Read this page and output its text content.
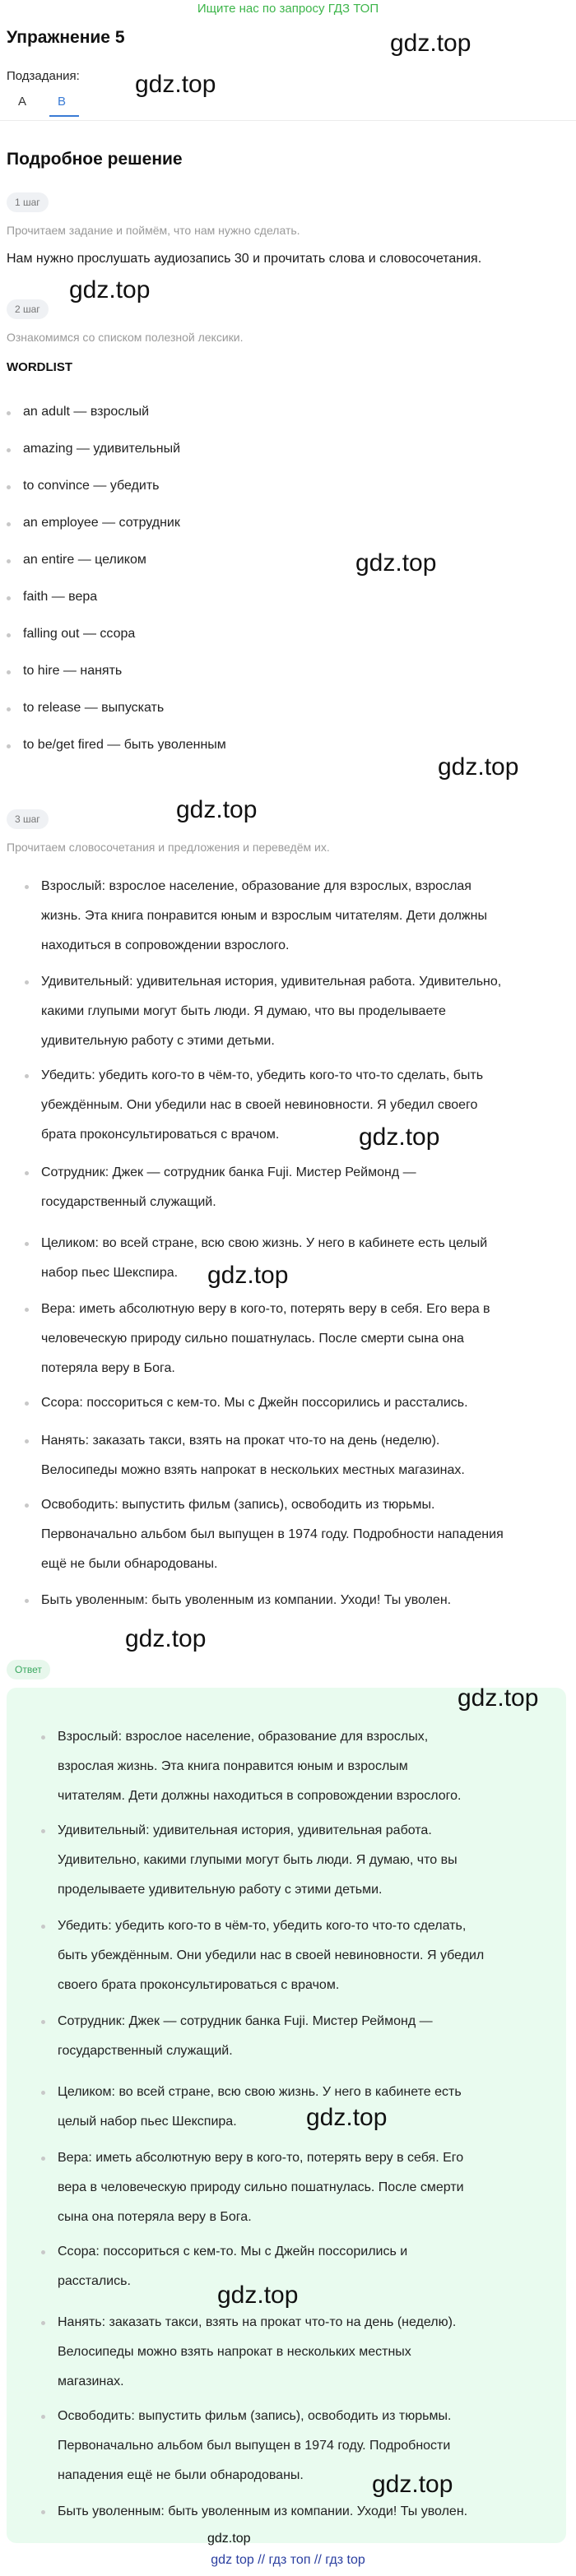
Ищите нас по запросу ГДЗ ТОП
Упражнение 5
Подзадания:
A	B
Подробное решение
1 шаг
Прочитаем задание и поймём, что нам нужно сделать.
Нам нужно прослушать аудиозапись 30 и прочитать слова и словосочетания.
2 шаг
Ознакомимся со списком полезной лексики.
WORDLIST
an adult — взрослый
amazing — удивительный
to convince — убедить
an employee — сотрудник
an entire — целиком
faith — вера
falling out — ссора
to hire — нанять
to release — выпускать
to be/get fired — быть уволенным
3 шаг
Прочитаем словосочетания и предложения и переведём их.
Взрослый: взрослое население, образование для взрослых, взрослая
жизнь. Эта книга понравится юным и взрослым читателям. Дети должны
находиться в сопровождении взрослого.
Удивительный: удивительная история, удивительная работа. Удивительно,
какими глупыми могут быть люди. Я думаю, что вы проделываете
удивительную работу с этими детьми.
Убедить: убедить кого-то в чём-то, убедить кого-то что-то сделать, быть
убеждённым. Они убедили нас в своей невиновности. Я убедил своего
брата проконсультироваться с врачом.
Сотрудник: Джек — сотрудник банка Fuji. Мистер Реймонд —
государственный служащий.
Целиком: во всей стране, всю свою жизнь. У него в кабинете есть целый
набор пьес Шекспира.
Вера: иметь абсолютную веру в кого-то, потерять веру в себя. Его вера в
человеческую природу сильно пошатнулась. После смерти сына она
потеряла веру в Бога.
Ссора: поссориться с кем-то. Мы с Джейн поссорились и расстались.
Нанять: заказать такси, взять на прокат что-то на день (неделю).
Велосипеды можно взять напрокат в нескольких местных магазинах.
Освободить: выпустить фильм (запись), освободить из тюрьмы.
Первоначально альбом был выпущен в 1974 году. Подробности нападения
ещё не были обнародованы.
Быть уволенным: быть уволенным из компании. Уходи! Ты уволен.
Ответ
Взрослый: взрослое население, образование для взрослых,
взрослая жизнь. Эта книга понравится юным и взрослым
читателям. Дети должны находиться в сопровождении взрослого.
Удивительный: удивительная история, удивительная работа.
Удивительно, какими глупыми могут быть люди. Я думаю, что вы
проделываете удивительную работу с этими детьми.
Убедить: убедить кого-то в чём-то, убедить кого-то что-то сделать,
быть убеждённым. Они убедили нас в своей невиновности. Я убедил
своего брата проконсультироваться с врачом.
Сотрудник: Джек — сотрудник банка Fuji. Мистер Реймонд —
государственный служащий.
Целиком: во всей стране, всю свою жизнь. У него в кабинете есть
целый набор пьес Шекспира.
Вера: иметь абсолютную веру в кого-то, потерять веру в себя. Его
вера в человеческую природу сильно пошатнулась. После смерти
сына она потеряла веру в Бога.
Ссора: поссориться с кем-то. Мы с Джейн поссорились и
расстались.
Нанять: заказать такси, взять на прокат что-то на день (неделю).
Велосипеды можно взять напрокат в нескольких местных
магазинах.
Освободить: выпустить фильм (запись), освободить из тюрьмы.
Первоначально альбом был выпущен в 1974 году. Подробности
нападения ещё не были обнародованы.
Быть уволенным: быть уволенным из компании. Уходи! Ты уволен.
gdz.top
gdz.top
gdz.top
gdz.top
gdz.top
gdz.top
gdz.top
gdz.top
gdz.top
gdz.top
gdz.top
gdz.top
gdz.top
gdz.top
gdz top // гдз топ // гдз top
